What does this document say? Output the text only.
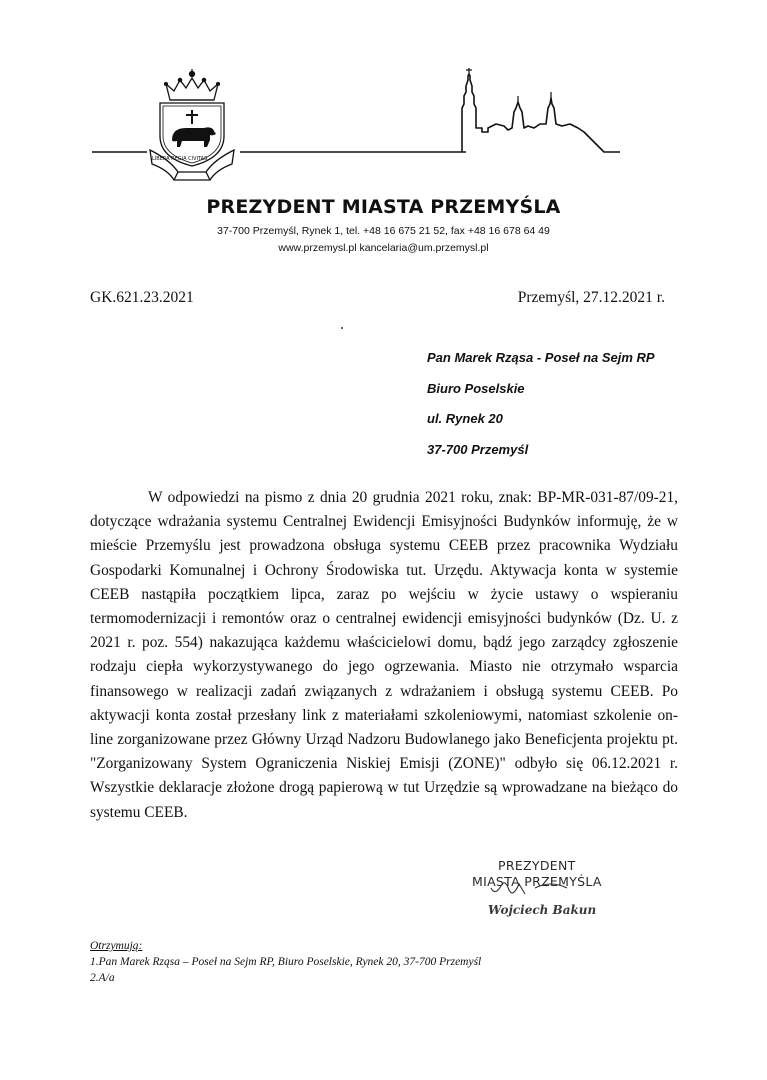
LIBERA REGIA CIVITAS
PREZYDENT MIASTA PRZEMYŚLA
37-700 Przemyśl, Rynek 1, tel. +48 16 675 21 52, fax +48 16 678 64 49
www.przemysl.pl kancelaria@um.przemysl.pl
GK.621.23.2021	Przemyśl, 27.12.2021 r.
Pan Marek Rząsa - Poseł na Sejm RP
Biuro Poselskie
ul. Rynek 20
37-700 Przemyśl
W odpowiedzi na pismo z dnia 20 grudnia 2021 roku, znak: BP-MR-031-87/09-21, dotyczące wdrażania systemu Centralnej Ewidencji Emisyjności Budynków informuję, że w mieście Przemyślu jest prowadzona obsługa systemu CEEB przez pracownika Wydziału Gospodarki Komunalnej i Ochrony Środowiska tut. Urzędu. Aktywacja konta w systemie CEEB nastąpiła początkiem lipca, zaraz po wejściu w życie ustawy o wspieraniu termomodernizacji i remontów oraz o centralnej ewidencji emisyjności budynków (Dz. U. z 2021 r. poz. 554) nakazująca każdemu właścicielowi domu, bądź jego zarządcy zgłoszenie rodzaju ciepła wykorzystywanego do jego ogrzewania. Miasto nie otrzymało wsparcia finansowego w realizacji zadań związanych z wdrażaniem i obsługą systemu CEEB. Po aktywacji konta został przesłany link z materiałami szkoleniowymi, natomiast szkolenie on-line zorganizowane przez Główny Urząd Nadzoru Budowlanego jako Beneficjenta projektu pt. "Zorganizowany System Ograniczenia Niskiej Emisji (ZONE)" odbyło się 06.12.2021 r. Wszystkie deklaracje złożone drogą papierową w tut Urzędzie są wprowadzane na bieżąco do systemu CEEB.
PREZYDENT
MIASTA PRZEMYŚLA
Wojciech Bakun
Otrzymują:
1.Pan Marek Rząsa – Poseł na Sejm RP, Biuro Poselskie, Rynek 20, 37-700 Przemyśl
2.A/a
